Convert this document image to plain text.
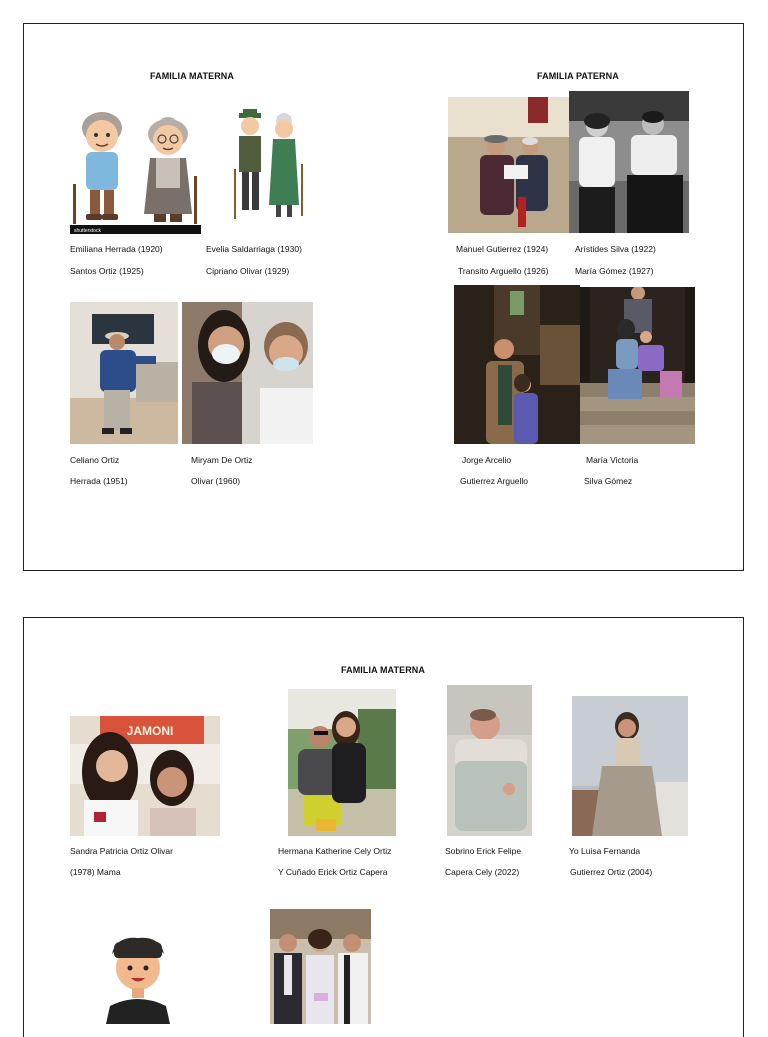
FAMILIA MATERNA	FAMILIA PATERNA
shutterstock
Emiliana Herrada (1920)	Evelia Saldarriaga (1930)
Santos Ortiz (1925)	Cipriano Olivar (1929)
Manuel Gutierrez (1924)	Arístides Silva (1922)
Transito Arguello (1926)	María Gómez (1927)
Celiano Ortiz	Miryam De Ortiz
Herrada (1951)	Olivar (1960)
Jorge Arcelio	María Victoria
Gutierrez Arguello	Silva Gómez
FAMILIA MATERNA
JAMONI
Sandra Patricia Ortiz Olivar	Hermana Katherine Cely Ortiz	Sobrino Erick Felipe	Yo Luisa Fernanda
(1978) Mama	Y Cuñado Erick Ortiz Capera	Capera Cely (2022)	Gutierrez Ortiz (2004)
